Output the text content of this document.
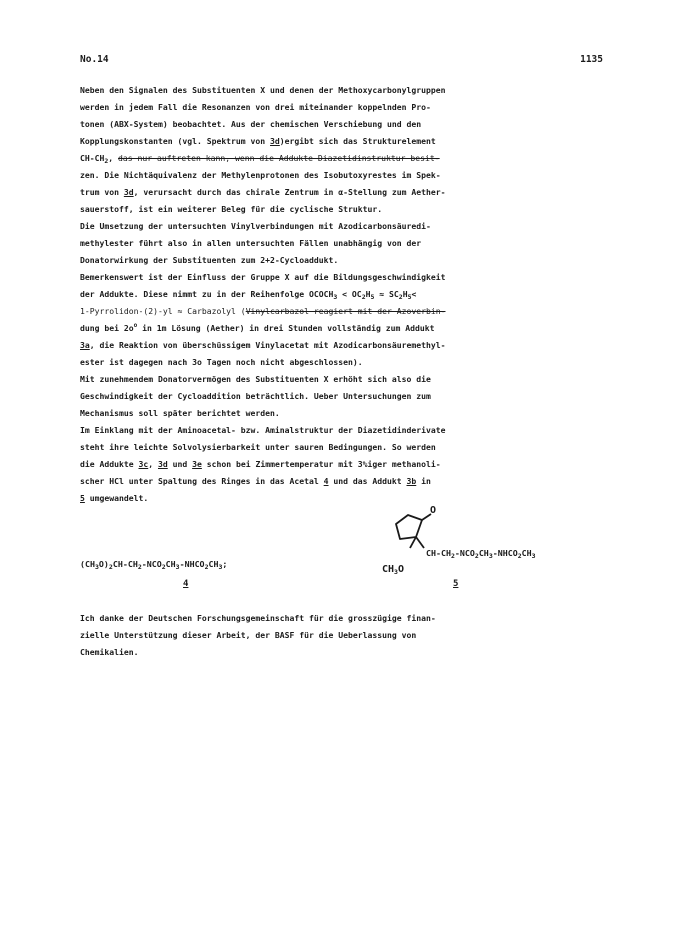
No.14	1135
Neben den Signalen des Substituenten X und denen der Methoxycarbonylgruppen
werden in jedem Fall die Resonanzen von drei miteinander koppelnden Pro-
tonen (ABX-System) beobachtet. Aus der chemischen Verschiebung und den
Kopplungskonstanten (vgl. Spektrum von 3d)ergibt sich das Strukturelement
$CH-CH_2$, das nur auftreten kann, wenn die Addukte Diazetidinstruktur besit-
zen. Die Nichtäquivalenz der Methylenprotonen des Isobutoxyrestes im Spek-
trum von 3d, verursacht durch das chirale Zentrum in α-Stellung zum Aether-
sauerstoff, ist ein weiterer Beleg für die cyclische Struktur.
Die Umsetzung der untersuchten Vinylverbindungen mit Azodicarbonsäuredi-
methylester führt also in allen untersuchten Fällen unabhängig von der
Donatorwirkung der Substituenten zum 2+2-Cycloaddukt.
Bemerkenswert ist der Einfluss der Gruppe X auf die Bildungsgeschwindigkeit
der Addukte. Diese nimmt zu in der Reihenfolge $OCOCH_3 < OC_2H_5 \approx SC_2H_5<$
1-Pyrrolidon-(2)-yl ≈ Carbazolyl (Vinylcarbazol reagiert mit der Azoverbin-
dung bei $2o^o$ in 1m Lösung (Aether) in drei Stunden vollständig zum Addukt
3a, die Reaktion von überschüssigem Vinylacetat mit Azodicarbonsäuremethyl-
ester ist dagegen nach 3o Tagen noch nicht abgeschlossen).
Mit zunehmendem Donatorvermögen des Substituenten X erhöht sich also die
Geschwindigkeit der Cycloaddition beträchtlich. Ueber Untersuchungen zum
Mechanismus soll später berichtet werden.
Im Einklang mit der Aminoacetal- bzw. Aminalstruktur der Diazetidinderivate
steht ihre leichte Solvolysierbarkeit unter sauren Bedingungen. So werden
die Addukte 3c, 3d und 3e schon bei Zimmertemperatur mit 3%iger methanoli-
scher HCl unter Spaltung des Ringes in das Acetal 4 und das Addukt 3b in
5 umgewandelt.
$(CH_3O)_2CH-CH_2-NCO_2CH_3-NHCO_2CH_3$;
4
O
$CH-CH_2-NCO_2CH_3-NHCO_2CH_3$
$CH_3O$
5
Ich danke der Deutschen Forschungsgemeinschaft für die grosszügige finan-
zielle Unterstützung dieser Arbeit, der BASF für die Ueberlassung von
Chemikalien.
